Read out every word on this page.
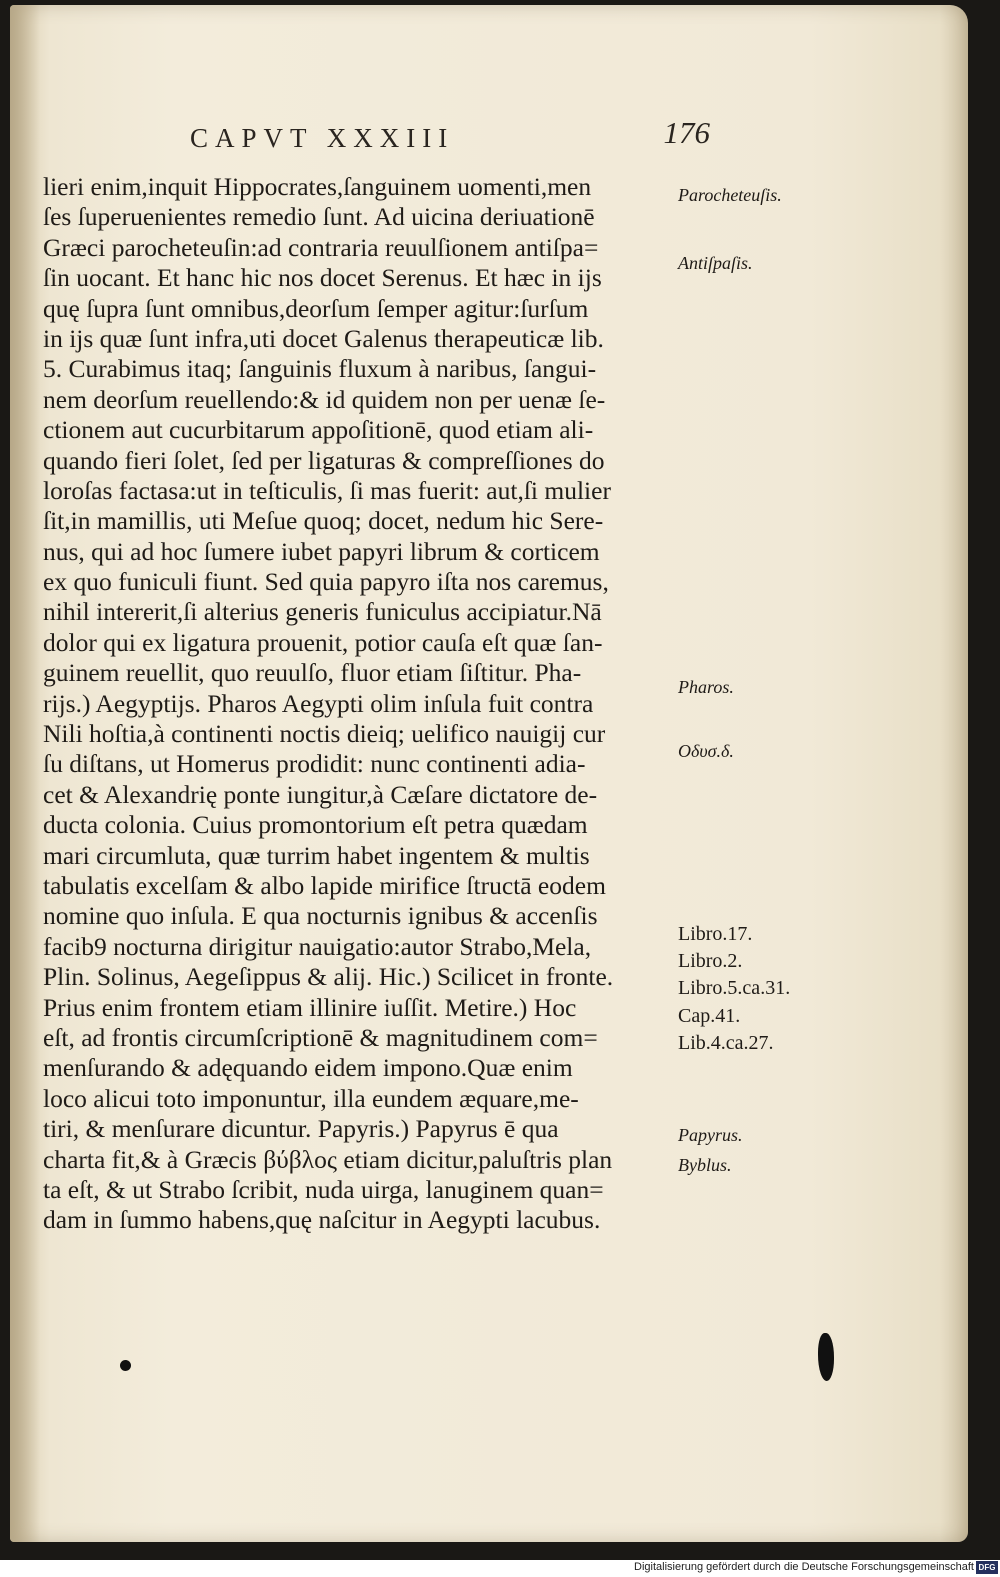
CAPVT XXXIII	176
lieri enim,inquit Hippocrates,ſanguinem uomenti,men
ſes ſuperuenientes remedio ſunt. Ad uicina deriuationē
Græci parocheteuſin:ad contraria reuulſionem antiſpa=
ſin uocant. Et hanc hic nos docet Serenus. Et hæc in ijs
quę ſupra ſunt omnibus,deorſum ſemper agitur:ſurſum
in ijs quæ ſunt infra,uti docet Galenus therapeuticæ lib.
5. Curabimus itaq; ſanguinis fluxum à naribus, ſangui-
nem deorſum reuellendo:& id quidem non per uenæ ſe-
ctionem aut cucurbitarum appoſitionē, quod etiam ali-
quando fieri ſolet, ſed per ligaturas & compreſſiones do
loroſas factasa:ut in teſticulis, ſi mas fuerit: aut,ſi mulier
ſit,in mamillis, uti Meſue quoq; docet, nedum hic Sere-
nus, qui ad hoc ſumere iubet papyri librum & corticem
ex quo funiculi fiunt. Sed quia papyro iſta nos caremus,
nihil intererit,ſi alterius generis funiculus accipiatur.Nā
dolor qui ex ligatura prouenit, potior cauſa eſt quæ ſan-
guinem reuellit, quo reuulſo, fluor etiam ſiſtitur. Pha-
rijs.) Aegyptijs. Pharos Aegypti olim inſula fuit contra
Nili hoſtia,à continenti noctis dieiq; uelifico nauigij cur
ſu diſtans, ut Homerus prodidit: nunc continenti adia-
cet & Alexandrię ponte iungitur,à Cæſare dictatore de-
ducta colonia. Cuius promontorium eſt petra quædam
mari circumluta, quæ turrim habet ingentem & multis
tabulatis excelſam & albo lapide mirifice ſtructā eodem
nomine quo inſula. E qua nocturnis ignibus & accenſis
facib9 nocturna dirigitur nauigatio:autor Strabo,Mela,
Plin. Solinus, Aegeſippus & alij. Hic.) Scilicet in fronte.
Prius enim frontem etiam illinire iuſſit. Metire.) Hoc
eſt, ad frontis circumſcriptionē & magnitudinem com=
menſurando & adęquando eidem impono.Quæ enim
loco alicui toto imponuntur, illa eundem æquare,me-
tiri, & menſurare dicuntur. Papyris.) Papyrus ē qua
charta fit,& à Græcis βύβλος etiam dicitur,paluſtris plan
ta eſt, & ut Strabo ſcribit, nuda uirga, lanuginem quan=
dam in ſummo habens,quę naſcitur in Aegypti lacubus.
Parocheteuſis.
Antiſpaſis.
Pharos.
Οδυσ.δ.
Libro.17.
Libro.2.
Libro.5.ca.31.
Cap.41.
Lib.4.ca.27.
Papyrus.
Byblus.
Digitalisierung gefördert durch die Deutsche Forschungsgemeinschaft DFG
